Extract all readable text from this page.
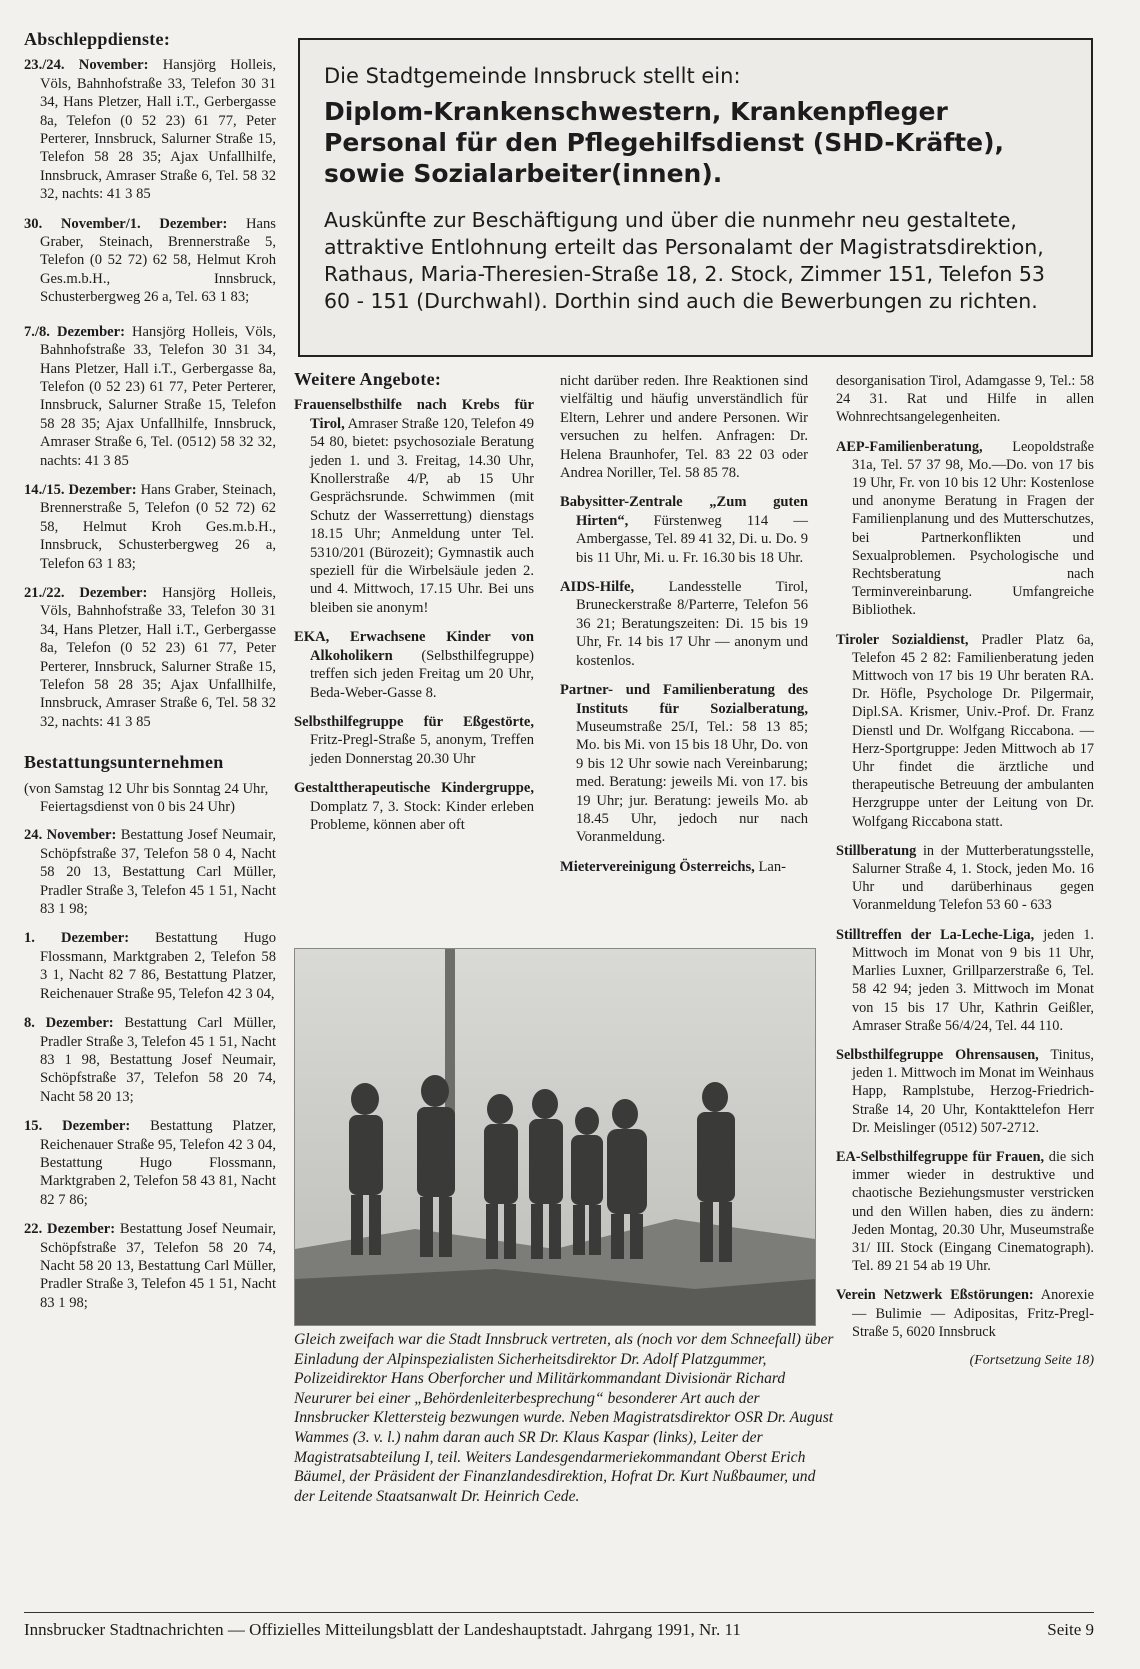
Abschleppdienste:

23./24. November: Hansjörg Holleis, Völs, Bahnhofstraße 33, Telefon 30 31 34, Hans Pletzer, Hall i.T., Gerbergasse 8a, Telefon (0 52 23) 61 77, Peter Perterer, Innsbruck, Salurner Straße 15, Telefon 58 28 35; Ajax Unfallhilfe, Innsbruck, Amraser Straße 6, Tel. 58 32 32, nachts: 41 3 85

30. November/1. Dezember: Hans Graber, Steinach, Brennerstraße 5, Telefon (0 52 72) 62 58, Helmut Kroh Ges.m.b.H., Innsbruck, Schusterbergweg 26 a, Tel. 63 1 83;

7./8. Dezember: Hansjörg Holleis, Völs, Bahnhofstraße 33, Telefon 30 31 34, Hans Pletzer, Hall i.T., Gerbergasse 8a, Telefon (0 52 23) 61 77, Peter Perterer, Innsbruck, Salurner Straße 15, Telefon 58 28 35; Ajax Unfallhilfe, Innsbruck, Amraser Straße 6, Tel. (0512) 58 32 32, nachts: 41 3 85

14./15. Dezember: Hans Graber, Steinach, Brennerstraße 5, Telefon (0 52 72) 62 58, Helmut Kroh Ges.m.b.H., Innsbruck, Schusterbergweg 26 a, Telefon 63 1 83;

21./22. Dezember: Hansjörg Holleis, Völs, Bahnhofstraße 33, Telefon 30 31 34, Hans Pletzer, Hall i.T., Gerbergasse 8a, Telefon (0 52 23) 61 77, Peter Perterer, Innsbruck, Salurner Straße 15, Telefon 58 28 35; Ajax Unfallhilfe, Innsbruck, Amraser Straße 6, Tel. 58 32 32, nachts: 41 3 85

Bestattungsunternehmen

(von Samstag 12 Uhr bis Sonntag 24 Uhr, Feiertagsdienst von 0 bis 24 Uhr)

24. November: Bestattung Josef Neumair, Schöpfstraße 37, Telefon 58 0 4, Nacht 58 20 13, Bestattung Carl Müller, Pradler Straße 3, Telefon 45 1 51, Nacht 83 1 98;

1. Dezember: Bestattung Hugo Flossmann, Marktgraben 2, Telefon 58 3 1, Nacht 82 7 86, Bestattung Platzer, Reichenauer Straße 95, Telefon 42 3 04,

8. Dezember: Bestattung Carl Müller, Pradler Straße 3, Telefon 45 1 51, Nacht 83 1 98, Bestattung Josef Neumair, Schöpfstraße 37, Telefon 58 20 74, Nacht 58 20 13;

15. Dezember: Bestattung Platzer, Reichenauer Straße 95, Telefon 42 3 04, Bestattung Hugo Flossmann, Marktgraben 2, Telefon 58 43 81, Nacht 82 7 86;

22. Dezember: Bestattung Josef Neumair, Schöpfstraße 37, Telefon 58 20 74, Nacht 58 20 13, Bestattung Carl Müller, Pradler Straße 3, Telefon 45 1 51, Nacht 83 1 98;

Die Stadtgemeinde Innsbruck stellt ein:

Diplom-Krankenschwestern, Krankenpfleger Personal für den Pflegehilfsdienst (SHD-Kräfte), sowie Sozialarbeiter(innen).

Auskünfte zur Beschäftigung und über die nunmehr neu gestaltete, attraktive Entlohnung erteilt das Personalamt der Magistratsdirektion, Rathaus, Maria-Theresien-Straße 18, 2. Stock, Zimmer 151, Telefon 53 60 - 151 (Durchwahl). Dorthin sind auch die Bewerbungen zu richten.

Weitere Angebote:

Frauenselbsthilfe nach Krebs für Tirol, Amraser Straße 120, Telefon 49 54 80, bietet: psychosoziale Beratung jeden 1. und 3. Freitag, 14.30 Uhr, Knollerstraße 4/P, ab 15 Uhr Gesprächsrunde. Schwimmen (mit Schutz der Wasserrettung) dienstags 18.15 Uhr; Anmeldung unter Tel. 5310/201 (Bürozeit); Gymnastik auch speziell für die Wirbelsäule jeden 2. und 4. Mittwoch, 17.15 Uhr. Bei uns bleiben sie anonym!

EKA, Erwachsene Kinder von Alkoholikern (Selbsthilfegruppe) treffen sich jeden Freitag um 20 Uhr, Beda-Weber-Gasse 8.

Selbsthilfegruppe für Eßgestörte, Fritz-Pregl-Straße 5, anonym, Treffen jeden Donnerstag 20.30 Uhr

Gestalttherapeutische Kindergruppe, Domplatz 7, 3. Stock: Kinder erleben Probleme, können aber oft

nicht darüber reden. Ihre Reaktionen sind vielfältig und häufig unverständlich für Eltern, Lehrer und andere Personen. Wir versuchen zu helfen. Anfragen: Dr. Helena Braunhofer, Tel. 83 22 03 oder Andrea Noriller, Tel. 58 85 78.

Babysitter-Zentrale „Zum guten Hirten“, Fürstenweg 114 — Ambergasse, Tel. 89 41 32, Di. u. Do. 9 bis 11 Uhr, Mi. u. Fr. 16.30 bis 18 Uhr.

AIDS-Hilfe, Landesstelle Tirol, Bruneckerstraße 8/Parterre, Telefon 56 36 21; Beratungszeiten: Di. 15 bis 19 Uhr, Fr. 14 bis 17 Uhr — anonym und kostenlos.

Partner- und Familienberatung des Instituts für Sozialberatung, Museumstraße 25/I, Tel.: 58 13 85; Mo. bis Mi. von 15 bis 18 Uhr, Do. von 9 bis 12 Uhr sowie nach Vereinbarung; med. Beratung: jeweils Mi. von 17. bis 19 Uhr; jur. Beratung: jeweils Mo. ab 18.45 Uhr, jedoch nur nach Voranmeldung.

Mietervereinigung Österreichs, Lan-

desorganisation Tirol, Adamgasse 9, Tel.: 58 24 31. Rat und Hilfe in allen Wohnrechtsangelegenheiten.

AEP-Familienberatung, Leopoldstraße 31a, Tel. 57 37 98, Mo.—Do. von 17 bis 19 Uhr, Fr. von 10 bis 12 Uhr: Kostenlose und anonyme Beratung in Fragen der Familienplanung und des Mutterschutzes, bei Partnerkonflikten und Sexualproblemen. Psychologische und Rechtsberatung nach Terminvereinbarung. Umfangreiche Bibliothek.

Tiroler Sozialdienst, Pradler Platz 6a, Telefon 45 2 82: Familienberatung jeden Mittwoch von 17 bis 19 Uhr beraten RA. Dr. Höfle, Psychologe Dr. Pilgermair, Dipl.SA. Krismer, Univ.-Prof. Dr. Franz Dienstl und Dr. Wolfgang Riccabona. — Herz-Sportgruppe: Jeden Mittwoch ab 17 Uhr findet die ärztliche und therapeutische Betreuung der ambulanten Herzgruppe unter der Leitung von Dr. Wolfgang Riccabona statt.

Stillberatung in der Mutterberatungsstelle, Salurner Straße 4, 1. Stock, jeden Mo. 16 Uhr und darüberhinaus gegen Voranmeldung Telefon 53 60 - 633

Stilltreffen der La-Leche-Liga, jeden 1. Mittwoch im Monat von 9 bis 11 Uhr, Marlies Luxner, Grillparzerstraße 6, Tel. 58 42 94; jeden 3. Mittwoch im Monat von 15 bis 17 Uhr, Kathrin Geißler, Amraser Straße 56/4/24, Tel. 44 110.

Selbsthilfegruppe Ohrensausen, Tinitus, jeden 1. Mittwoch im Monat im Weinhaus Happ, Ramplstube, Herzog-Friedrich-Straße 14, 20 Uhr, Kontakttelefon Herr Dr. Meislinger (0512) 507-2712.

EA-Selbsthilfegruppe für Frauen, die sich immer wieder in destruktive und chaotische Beziehungsmuster verstricken und den Willen haben, dies zu ändern: Jeden Montag, 20.30 Uhr, Museumstraße 31/ III. Stock (Eingang Cinematograph). Tel. 89 21 54 ab 19 Uhr.

Verein Netzwerk Eßstörungen: Anorexie — Bulimie — Adipositas, Fritz-Pregl-Straße 5, 6020 Innsbruck

(Fortsetzung Seite 18)
Gleich zweifach war die Stadt Innsbruck vertreten, als (noch vor dem Schneefall) über Einladung der Alpinspezialisten Sicherheitsdirektor Dr. Adolf Platzgummer, Polizeidirektor Hans Oberforcher und Militärkommandant Divisionär Richard Neururer bei einer „Behördenleiterbesprechung“ besonderer Art auch der Innsbrucker Klettersteig bezwungen wurde. Neben Magistratsdirektor OSR Dr. August Wammes (3. v. l.) nahm daran auch SR Dr. Klaus Kaspar (links), Leiter der Magistratsabteilung I, teil. Weiters Landesgendarmeriekommandant Oberst Erich Bäumel, der Präsident der Finanzlandesdirektion, Hofrat Dr. Kurt Nußbaumer, und der Leitende Staatsanwalt Dr. Heinrich Cede.
Innsbrucker Stadtnachrichten — Offizielles Mitteilungsblatt der Landeshauptstadt. Jahrgang 1991, Nr. 11	Seite 9
